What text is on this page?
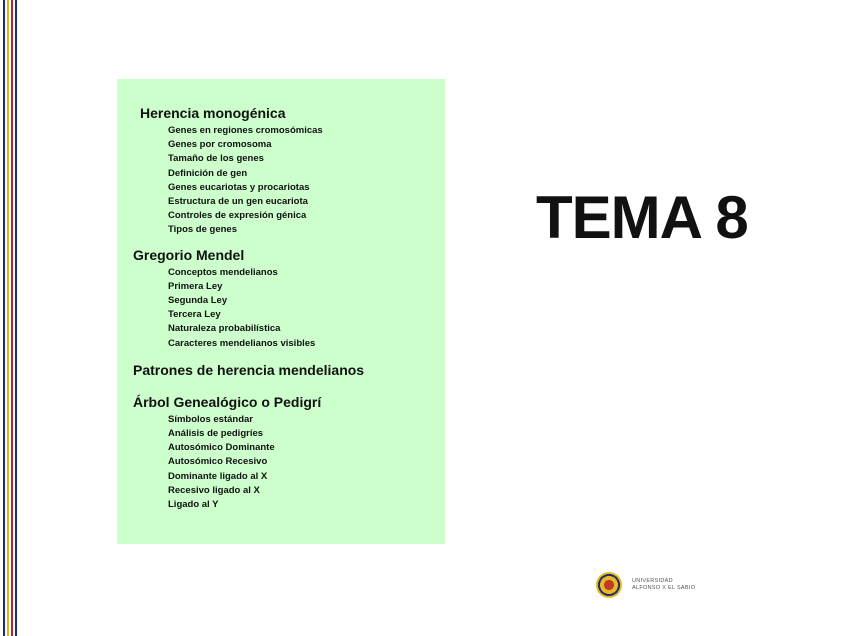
Herencia monogénica
Genes en regiones cromosómicas
Genes por cromosoma
Tamaño de los genes
Definición de gen
Genes eucariotas y procariotas
Estructura de un gen eucariota
Controles de expresión génica
Tipos de genes
Gregorio Mendel
Conceptos mendelianos
Primera Ley
Segunda Ley
Tercera Ley
Naturaleza probabilística
Caracteres mendelianos visibles
Patrones de herencia mendelianos
Árbol Genealógico o Pedigrí
Símbolos estándar
Análisis de pedigríes
Autosómico Dominante
Autosómico Recesivo
Dominante ligado al X
Recesivo ligado al X
Ligado al Y
TEMA 8
UNIVERSIDAD
ALFONSO X EL SABIO
